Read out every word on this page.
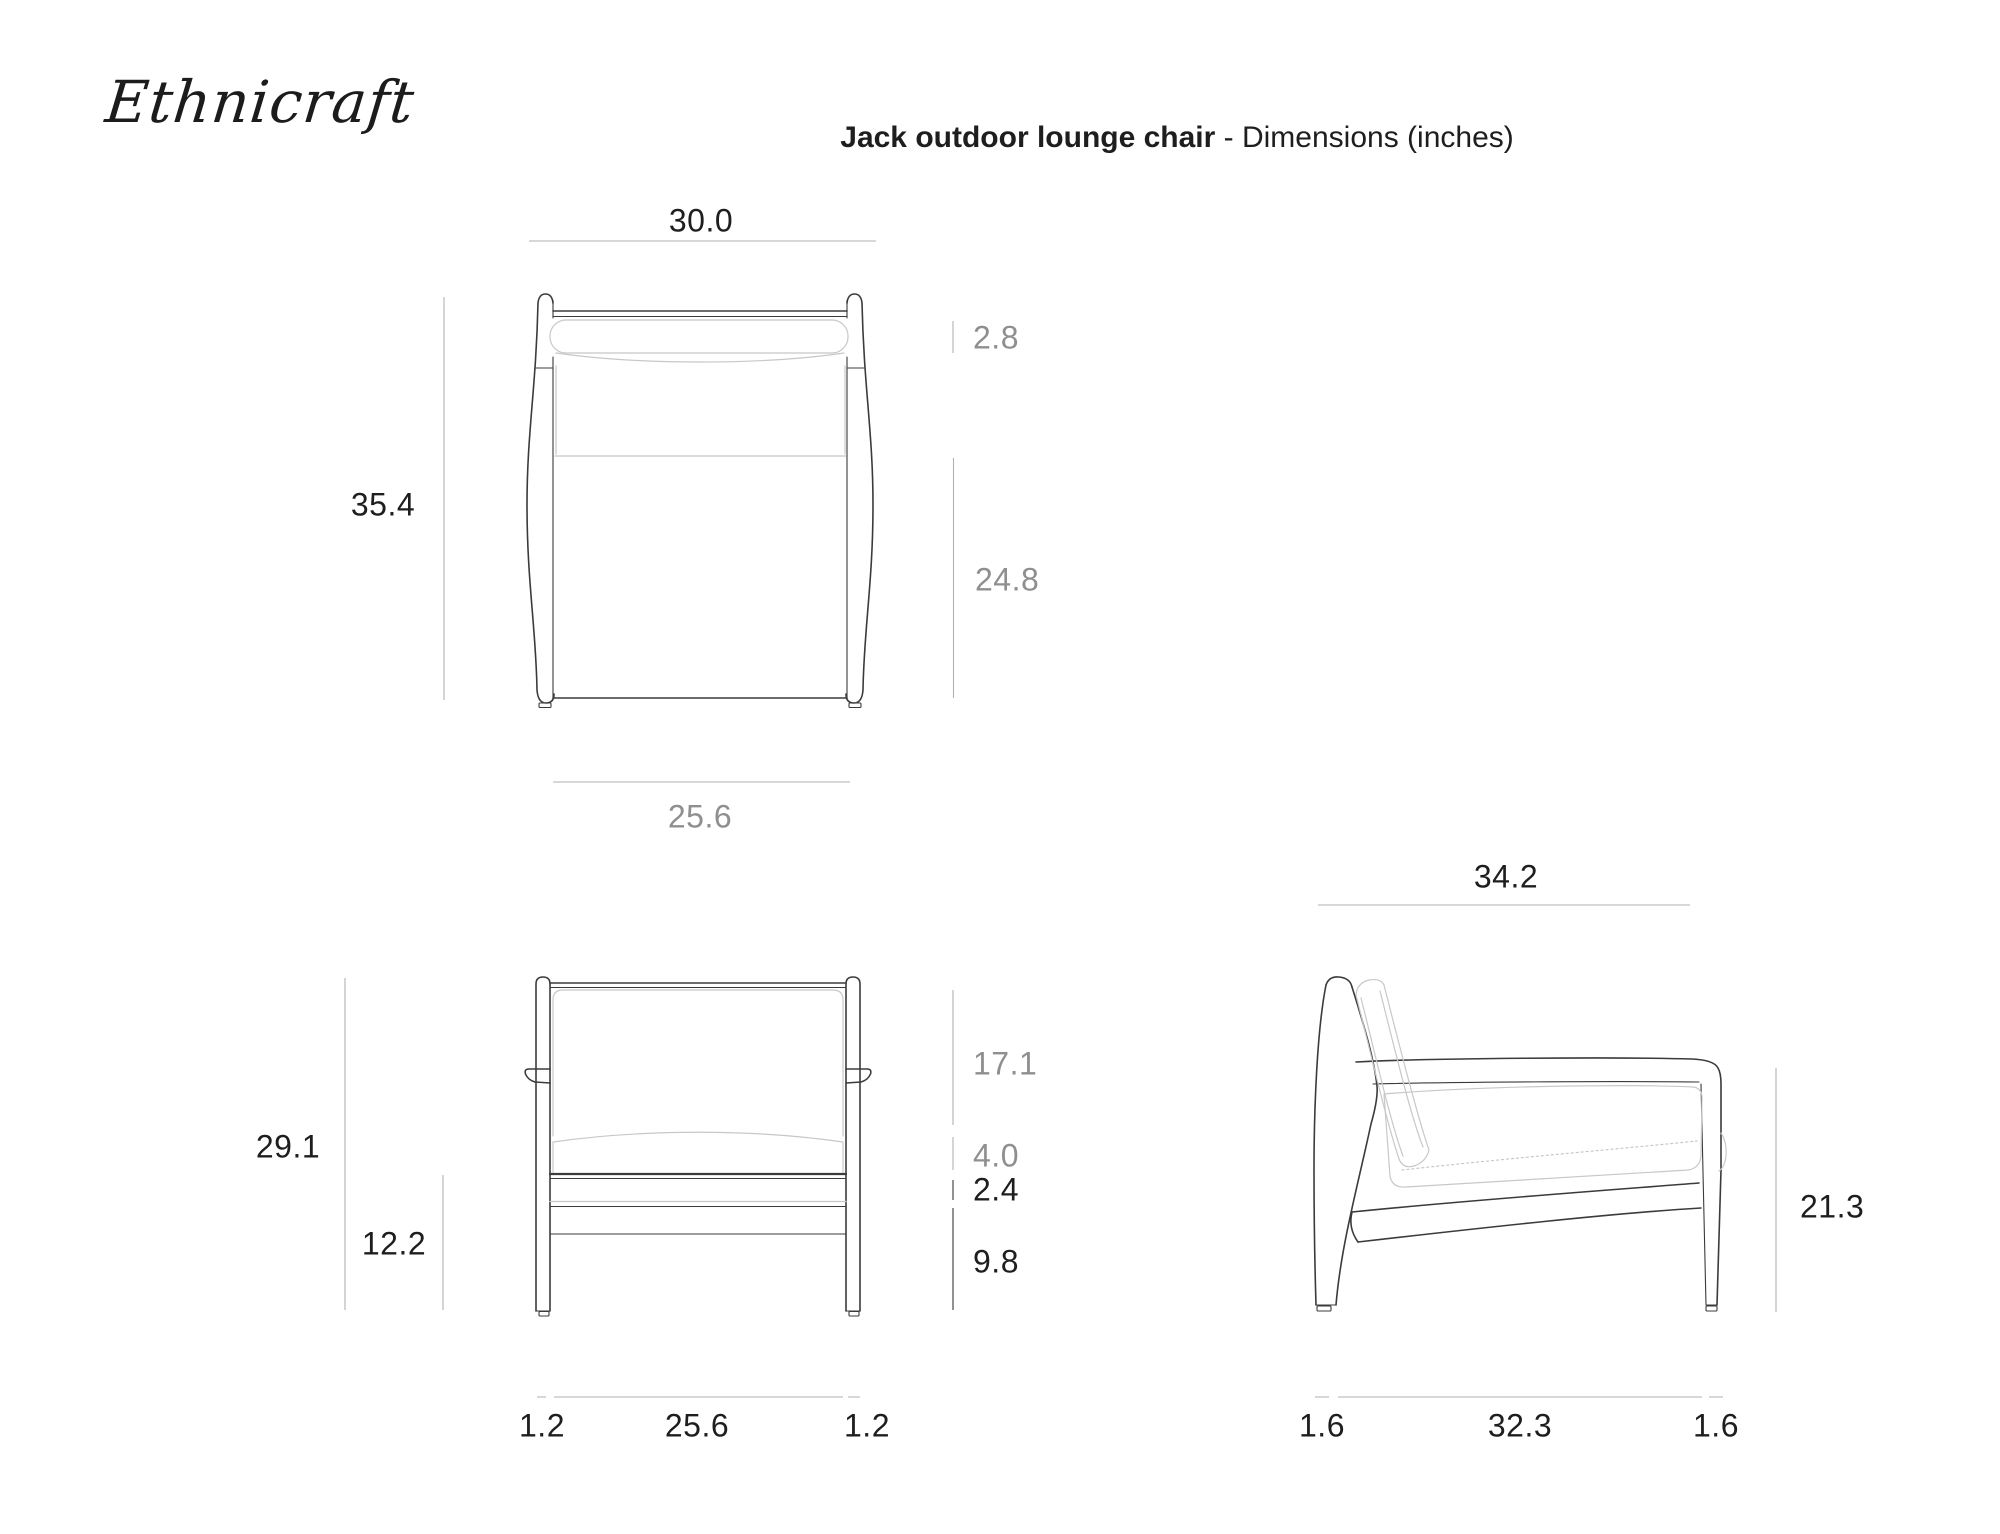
Ethnicraft
Jack outdoor lounge chair - Dimensions (inches)
30.0
35.4
2.8
24.8
25.6
29.1
12.2
17.1
4.0
2.4
9.8
1.2	25.6	1.2
34.2
21.3
1.6	32.3	1.6
